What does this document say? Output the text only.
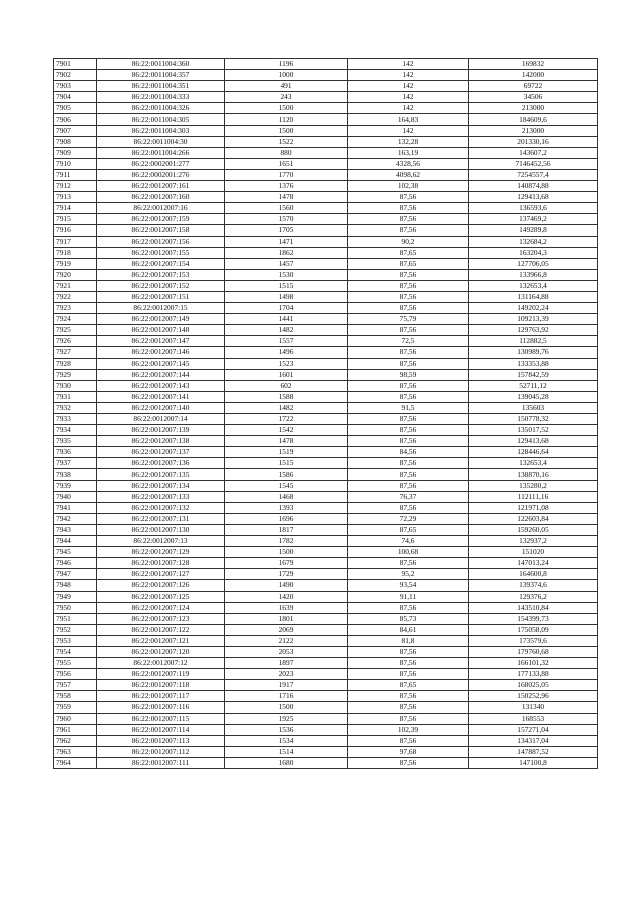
7901	86:22:0011004:360	1196	142	169832
7902	86:22:0011004:357	1000	142	142000
7903	86:22:0011004:351	491	142	69722
7904	86:22:0011004:333	243	142	34506
7905	86:22:0011004:326	1500	142	213000
7906	86:22:0011004:305	1120	164,83	184609,6
7907	86:22:0011004:303	1500	142	213000
7908	86:22:0011004:30	1522	132,28	201330,16
7909	86:22:0011004:266	880	163,19	143607,2
7910	86:22:0002001:277	1651	4328,56	7146452,56
7911	86:22:0002001:276	1770	4098,62	7254557,4
7912	86:22:0012007:161	1376	102,38	140874,88
7913	86:22:0012007:160	1478	87,56	129413,68
7914	86:22:0012007:16	1560	87,56	136593,6
7915	86:22:0012007:159	1570	87,56	137469,2
7916	86:22:0012007:158	1705	87,56	149289,8
7917	86:22:0012007:156	1471	90,2	132684,2
7918	86:22:0012007:155	1862	87,65	163204,3
7919	86:22:0012007:154	1457	87,65	127706,05
7920	86:22:0012007:153	1530	87,56	133966,8
7921	86:22:0012007:152	1515	87,56	132653,4
7922	86:22:0012007:151	1498	87,56	131164,88
7923	86:22:0012007:15	1704	87,56	149202,24
7924	86:22:0012007:149	1441	75,79	109213,39
7925	86:22:0012007:148	1482	87,56	129763,92
7926	86:22:0012007:147	1557	72,5	112882,5
7927	86:22:0012007:146	1496	87,56	130989,76
7928	86:22:0012007:145	1523	87,56	133353,88
7929	86:22:0012007:144	1601	98,59	157842,59
7930	86:22:0012007:143	602	87,56	52711,12
7931	86:22:0012007:141	1588	87,56	139045,28
7932	86:22:0012007:140	1482	91,5	135603
7933	86:22:0012007:14	1722	87,56	150778,32
7934	86:22:0012007:139	1542	87,56	135017,52
7935	86:22:0012007:138	1478	87,56	129413,68
7936	86:22:0012007:137	1519	84,56	128446,64
7937	86:22:0012007:136	1515	87,56	132653,4
7938	86:22:0012007:135	1586	87,56	138870,16
7939	86:22:0012007:134	1545	87,56	135280,2
7940	86:22:0012007:133	1468	76,37	112111,16
7941	86:22:0012007:132	1393	87,56	121971,08
7942	86:22:0012007:131	1696	72,29	122603,84
7943	86:22:0012007:130	1817	87,65	159260,05
7944	86:22:0012007:13	1782	74,6	132937,2
7945	86:22:0012007:129	1500	100,68	151020
7946	86:22:0012007:128	1679	87,56	147013,24
7947	86:22:0012007:127	1729	95,2	164600,8
7948	86:22:0012007:126	1490	93,54	139374,6
7949	86:22:0012007:125	1420	91,11	129376,2
7950	86:22:0012007:124	1639	87,56	143510,84
7951	86:22:0012007:123	1801	85,73	154399,73
7952	86:22:0012007:122	2069	84,61	175058,09
7953	86:22:0012007:121	2122	81,8	173579,6
7954	86:22:0012007:120	2053	87,56	179760,68
7955	86:22:0012007:12	1897	87,56	166101,32
7956	86:22:0012007:119	2023	87,56	177133,88
7957	86:22:0012007:118	1917	87,65	168025,05
7958	86:22:0012007:117	1716	87,56	150252,96
7959	86:22:0012007:116	1500	87,56	131340
7960	86:22:0012007:115	1925	87,56	168553
7961	86:22:0012007:114	1536	102,39	157271,04
7962	86:22:0012007:113	1534	87,56	134317,04
7963	86:22:0012007:112	1514	97,68	147887,52
7964	86:22:0012007:111	1680	87,56	147100,8
